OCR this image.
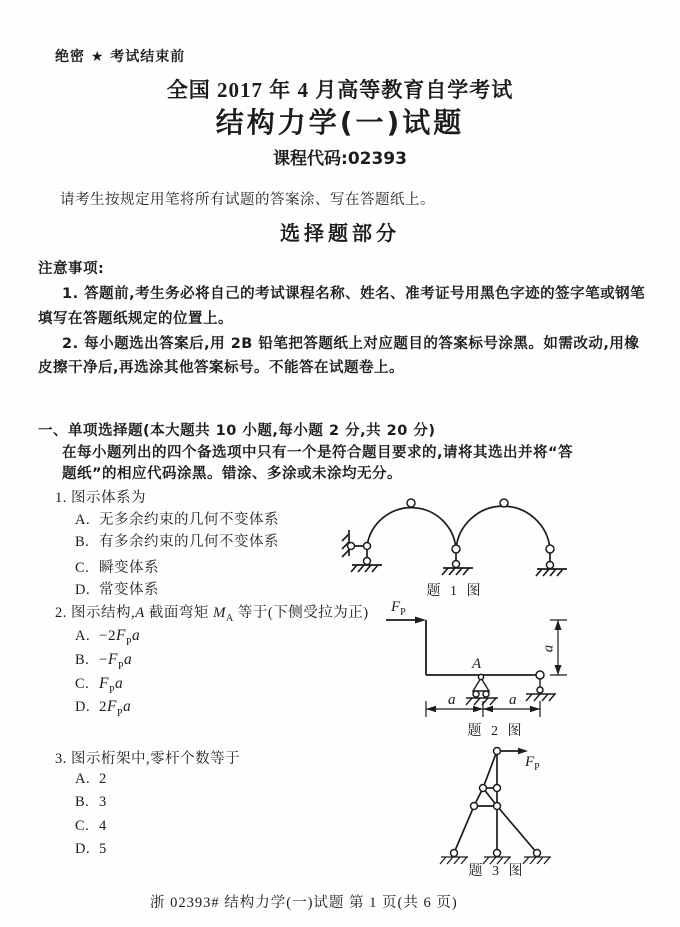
绝密 ★ 考试结束前
全国 2017 年 4 月高等教育自学考试
结构力学(一)试题
课程代码:02393
请考生按规定用笔将所有试题的答案涂、写在答题纸上。
选择题部分
注意事项:
1. 答题前,考生务必将自己的考试课程名称、姓名、准考证号用黑色字迹的签字笔或钢笔
填写在答题纸规定的位置上。
2. 每小题选出答案后,用 2B 铅笔把答题纸上对应题目的答案标号涂黑。如需改动,用橡
皮擦干净后,再选涂其他答案标号。不能答在试题卷上。
一、单项选择题(本大题共 10 小题,每小题 2 分,共 20 分)
在每小题列出的四个备选项中只有一个是符合题目要求的,请将其选出并将“答
题纸”的相应代码涂黑。错涂、多涂或未涂均无分。
1. 图示体系为
A. 无多余约束的几何不变体系
B. 有多余约束的几何不变体系
C. 瞬变体系
D. 常变体系	题 1 图
2. 图示结构,A 截面弯矩 $M_A$ 等于(下侧受拉为正)
A. $-2F_Pa$
B. $-F_Pa$
C. $F_Pa$
D. $2F_Pa$
$F_P$
A
a
a	a
题 2 图
3. 图示桁架中,零杆个数等于
A. 2
B. 3
C. 4
D. 5
$F_P$
题 3 图
浙 02393# 结构力学(一)试题 第 1 页(共 6 页)
